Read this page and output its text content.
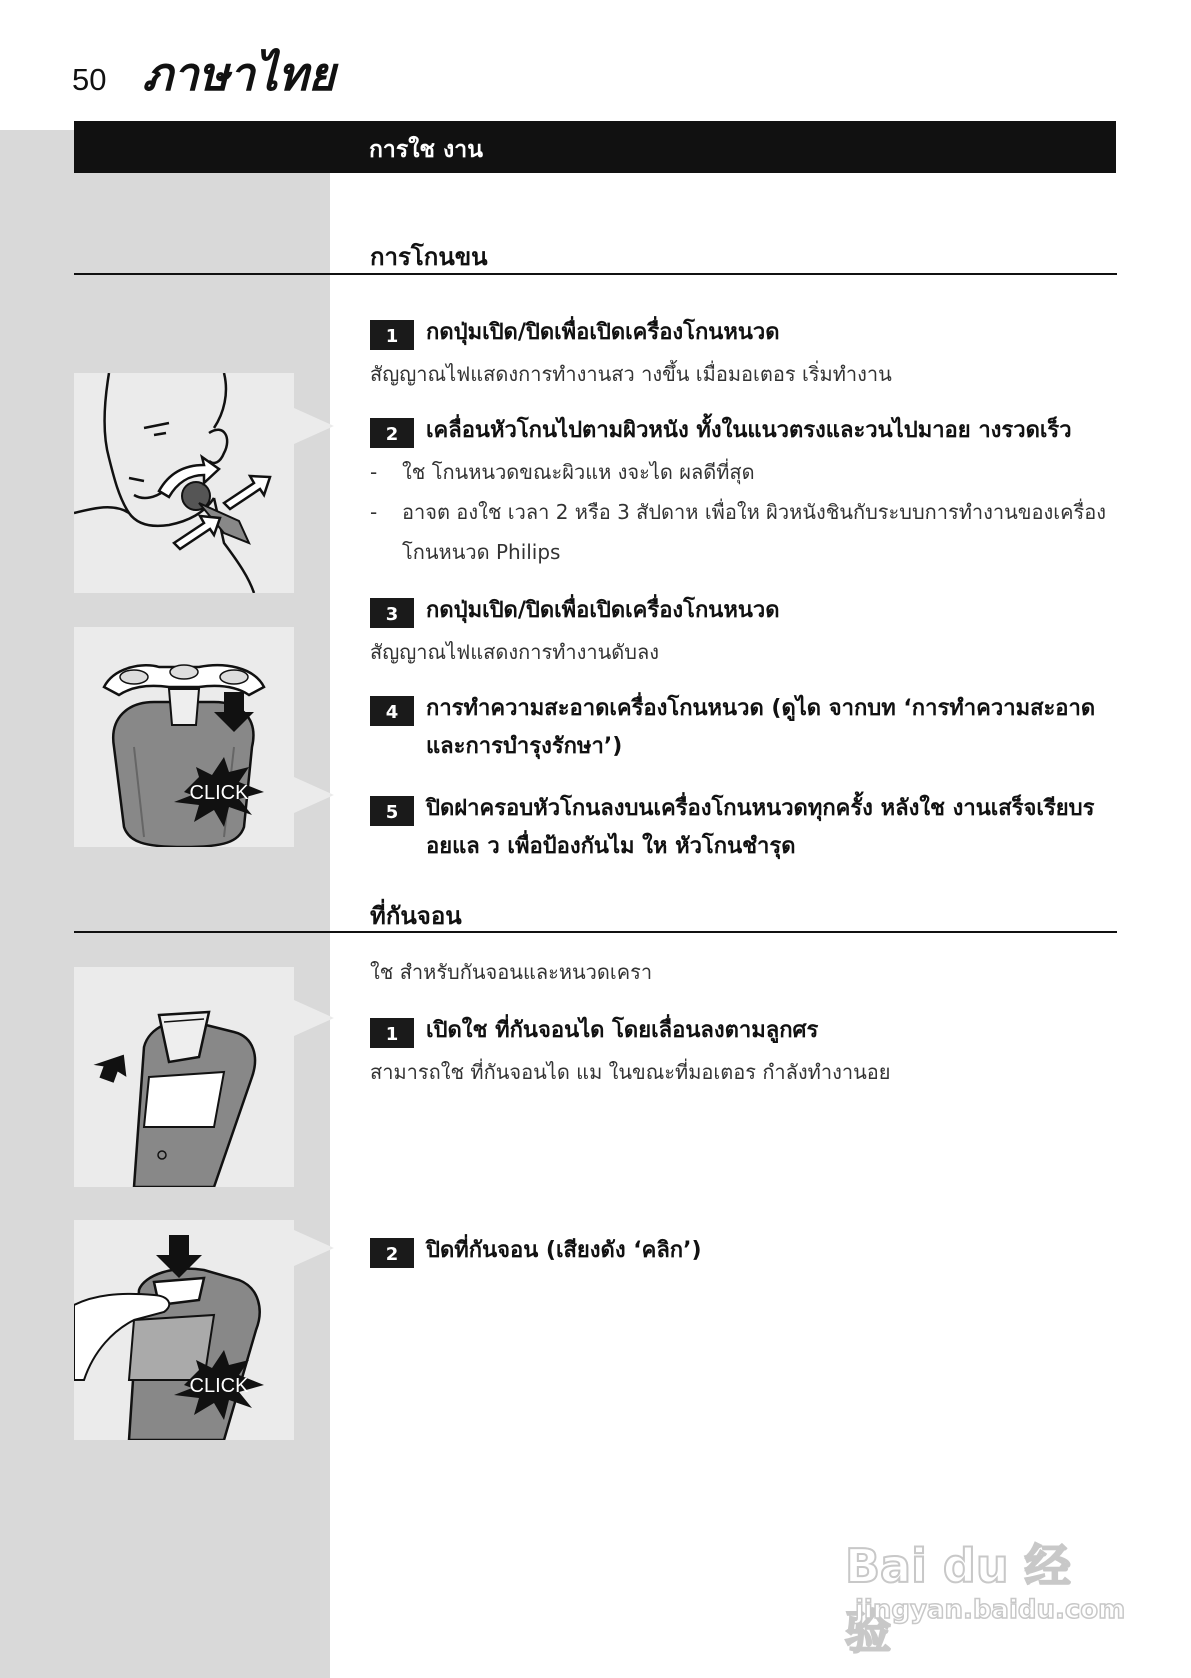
50 ภาษาไทย
การใช งาน
การโกนขน
1	กดปุ่มเปิด/ปิดเพื่อเปิดเครื่องโกนหนวด
สัญญาณไฟแสดงการทำงานสว างขึ้น เมื่อมอเตอร เริ่มทำงาน
2	เคลื่อนหัวโกนไปตามผิวหนัง ทั้งในแนวตรงและวนไปมาอย างรวดเร็ว
-	ใช โกนหนวดขณะผิวแห งจะได ผลดีที่สุด
-	อาจต องใช เวลา 2 หรือ 3 สัปดาห เพื่อให ผิวหนังชินกับระบบการทำงานของเครื่องโกนหนวด Philips
3	กดปุ่มเปิด/ปิดเพื่อเปิดเครื่องโกนหนวด
สัญญาณไฟแสดงการทำงานดับลง
4	การทำความสะอาดเครื่องโกนหนวด (ดูได จากบท ‘การทำความสะอาดและการบำรุงรักษา’)
5	ปิดฝาครอบหัวโกนลงบนเครื่องโกนหนวดทุกครั้ง หลังใช งานเสร็จเรียบร อยแล ว เพื่อป้องกันไม ให หัวโกนชำรุด
ที่กันจอน
ใช สำหรับกันจอนและหนวดเครา
1	เปิดใช ที่กันจอนได โดยเลื่อนลงตามลูกศร
สามารถใช ที่กันจอนได แม ในขณะที่มอเตอร กำลังทำงานอย
2	ปิดที่กันจอน (เสียงดัง ‘คลิก’)
CLICK
CLICK
Bai du 经验
jingyan.baidu.com
